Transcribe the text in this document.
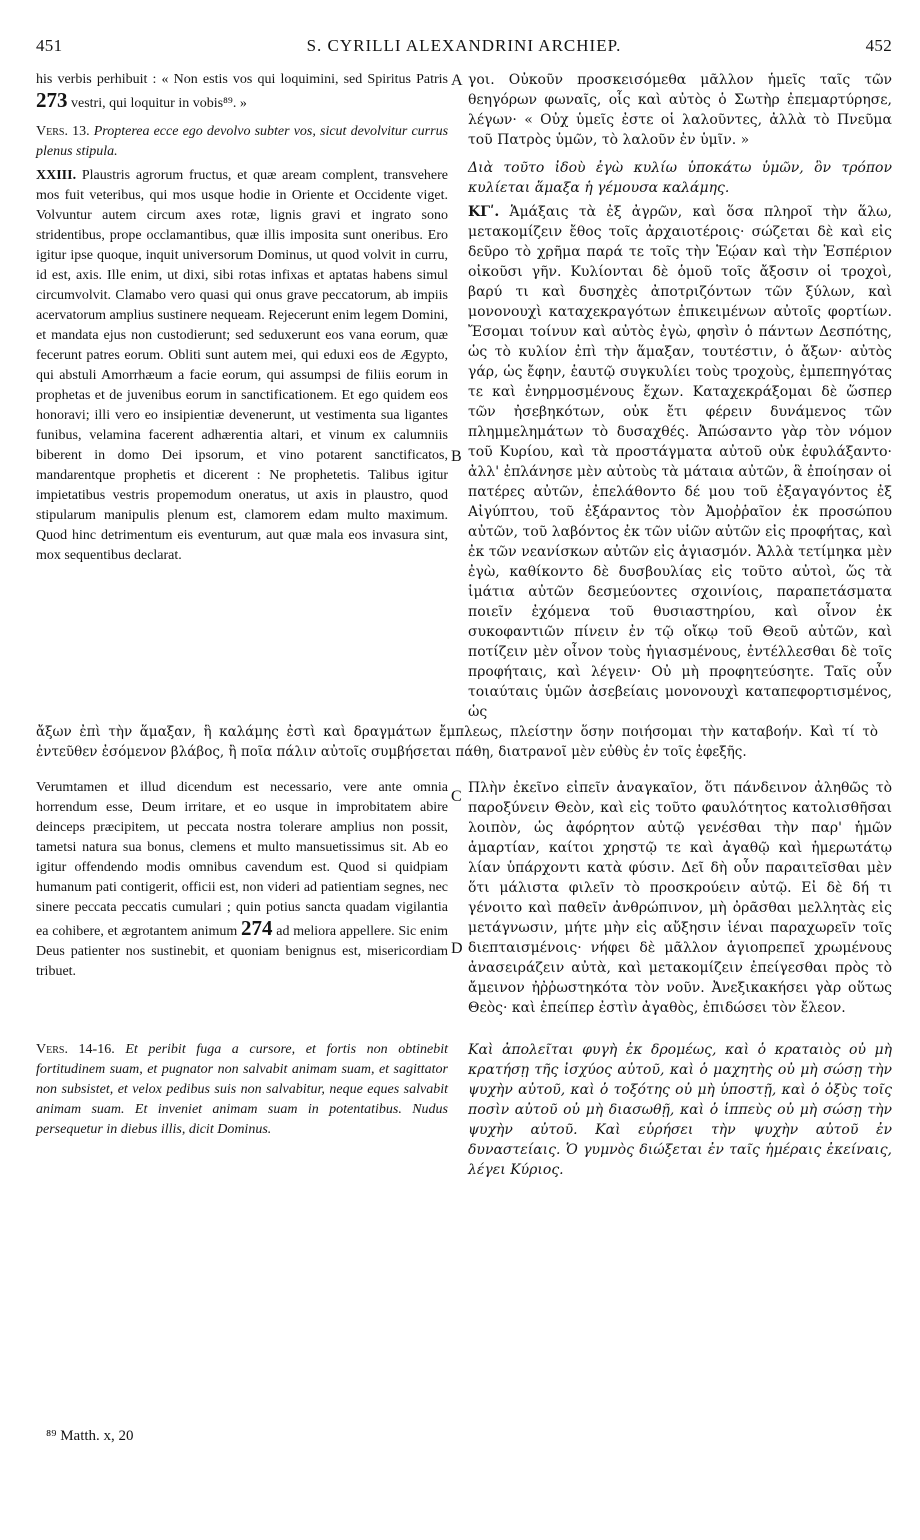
451	S. CYRILLI ALEXANDRINI ARCHIEP.	452

his verbis perhibuit : « Non estis vos qui loquimini, sed Spiritus Patris 273 vestri, qui loquitur in vobis⁸⁹. »

Vers. 13. Propterea ecce ego devolvo subter vos, sicut devolvitur currus plenus stipula.

XXIII. Plaustris agrorum fructus, et quæ aream complent, transvehere mos fuit veteribus, qui mos usque hodie in Oriente et Occidente viget. Volvuntur autem circum axes rotæ, lignis gravi et ingrato sono stridentibus, prope occlamantibus, quæ illis imposita sunt oneribus. Ero igitur ipse quoque, inquit universorum Dominus, ut quod volvit in curru, id est, axis. Ille enim, ut dixi, sibi rotas infixas et aptatas habens simul circumvolvit. Clamabo vero quasi qui onus grave peccatorum, ab impiis acervatorum amplius sustinere nequeam. Rejecerunt enim legem Domini, et mandata ejus non custodierunt; sed seduxerunt eos vana eorum, quæ fecerunt patres eorum. Obliti sunt autem mei, qui eduxi eos de Ægypto, qui abstuli Amorrhæum a facie eorum, qui assumpsi de filiis eorum in prophetas et de juvenibus eorum in sanctificationem. Et ego quidem eos honoravi; illi vero eo insipientiæ devenerunt, ut vestimenta sua ligantes funibus, velamina facerent adhærentia altari, et vinum ex calumniis biberent in domo Dei ipsorum, et vino potarent sanctificatos, mandarentque prophetis et dicerent : Ne prophetetis. Talibus igitur impietatibus vestris propemodum oneratus, ut axis in plaustro, quod stipularum manipulis plenum est, clamorem edam multo maximum. Quod hinc detrimentum eis eventurum, aut quæ mala eos invasura sint, mox sequentibus declarat.

A
B
C

γοι. Οὐκοῦν προσκεισόμεθα μᾶλλον ἡμεῖς ταῖς τῶν θεηγόρων φωναῖς, οἷς καὶ αὐτὸς ὁ Σωτὴρ ἐπεμαρτύρησε, λέγων· « Οὐχ ὑμεῖς ἐστε οἱ λαλοῦντες, ἀλλὰ τὸ Πνεῦμα τοῦ Πατρὸς ὑμῶν, τὸ λαλοῦν ἐν ὑμῖν. »

Διὰ τοῦτο ἰδοὺ ἐγὼ κυλίω ὑποκάτω ὑμῶν, ὃν τρόπον κυλίεται ἅμαξα ἡ γέμουσα καλάμης.

ΚΓʹ. Ἁμάξαις τὰ ἐξ ἀγρῶν, καὶ ὅσα πληροῖ τὴν ἅλω, μετακομίζειν ἔθος τοῖς ἀρχαιοτέροις· σώζεται δὲ καὶ εἰς δεῦρο τὸ χρῆμα παρά τε τοῖς τὴν Ἑῴαν καὶ τὴν Ἑσπέριον οἰκοῦσι γῆν. Κυλίονται δὲ ὁμοῦ τοῖς ἄξοσιν οἱ τροχοὶ, βαρύ τι καὶ δυσηχὲς ἀποτριζόντων τῶν ξύλων, καὶ μονονουχὶ καταχεκραγότων ἐπικειμένων αὐτοῖς φορτίων. Ἔσομαι τοίνυν καὶ αὐτὸς ἐγὼ, φησὶν ὁ πάντων Δεσπότης, ὡς τὸ κυλίον ἐπὶ τὴν ἅμαξαν, τουτέστιν, ὁ ἄξων· αὐτὸς γάρ, ὡς ἔφην, ἑαυτῷ συγκυλίει τοὺς τροχοὺς, ἐμπεπηγότας τε καὶ ἐνηρμοσμένους ἔχων. Καταχεκράξομαι δὲ ὥσπερ τῶν ἠσεβηκότων, οὐκ ἔτι φέρειν δυνάμενος τῶν πλημμελημάτων τὸ δυσαχθές. Ἀπώσαντο γὰρ τὸν νόμον τοῦ Κυρίου, καὶ τὰ προστάγματα αὐτοῦ οὐκ ἐφυλάξαντο· ἀλλ' ἐπλάνησε μὲν αὐτοὺς τὰ μάταια αὐτῶν, ἃ ἐποίησαν οἱ πατέρες αὐτῶν, ἐπελάθοντο δέ μου τοῦ ἐξαγαγόντος ἐξ Αἰγύπτου, τοῦ ἐξάραντος τὸν Ἀμοῤῥαῖον ἐκ προσώπου αὐτῶν, τοῦ λαβόντος ἐκ τῶν υἱῶν αὐτῶν εἰς προφήτας, καὶ ἐκ τῶν νεανίσκων αὐτῶν εἰς ἁγιασμόν. Ἀλλὰ τετίμηκα μὲν ἐγὼ, καθίκοντο δὲ δυσβουλίας εἰς τοῦτο αὐτοὶ, ὥς τὰ ἱμάτια αὐτῶν δεσμεύοντες σχοινίοις, παραπετάσματα ποιεῖν ἐχόμενα τοῦ θυσιαστηρίου, καὶ οἶνον ἐκ συκοφαντιῶν πίνειν ἐν τῷ οἴκῳ τοῦ Θεοῦ αὐτῶν, καὶ ποτίζειν μὲν οἶνον τοὺς ἡγιασμένους, ἐντέλλεσθαι δὲ τοῖς προφήταις, καὶ λέγειν· Οὐ μὴ προφητεύσητε. Ταῖς οὖν τοιαύταις ὑμῶν ἀσεβείαις μονονουχὶ καταπεφορτισμένος, ὡς

ἄξων ἐπὶ τὴν ἅμαξαν, ἣ καλάμης ἐστὶ καὶ δραγμάτων ἔμπλεως, πλείστην ὅσην ποιήσομαι τὴν καταβοήν. Καὶ τί τὸ ἐντεῦθεν ἐσόμενον βλάβος, ἢ ποῖα πάλιν αὐτοῖς συμβήσεται πάθη, διατρανοῖ μὲν εὐθὺς ἐν τοῖς ἐφεξῆς.

Verumtamen et illud dicendum est necessario, vere ante omnia horrendum esse, Deum irritare, et eo usque in improbitatem abire deinceps præcipitem, ut peccata nostra tolerare amplius non possit, tametsi natura sua bonus, clemens et multo mansuetissimus sit. Ab eo igitur offendendo modis omnibus cavendum est. Quod si quidpiam humanum pati contigerit, officii est, non videri ad patientiam segnes, nec sinere peccata peccatis cumulari ; quin potius sancta quadam vigilantia ea cohibere, et ægrotantem animum 274 ad meliora appellere. Sic enim Deus patienter nos sustinebit, et quoniam benignus est, misericordiam tribuet.

D

Πλὴν ἐκεῖνο εἰπεῖν ἀναγκαῖον, ὅτι πάνδεινον ἀληθῶς τὸ παροξύνειν Θεὸν, καὶ εἰς τοῦτο φαυλότητος κατολισθῆσαι λοιπὸν, ὡς ἀφόρητον αὐτῷ γενέσθαι τὴν παρ' ἡμῶν ἁμαρτίαν, καίτοι χρηστῷ τε καὶ ἀγαθῷ καὶ ἡμερωτάτῳ λίαν ὑπάρχοντι κατὰ φύσιν. Δεῖ δὴ οὖν παραιτεῖσθαι μὲν ὅτι μάλιστα φιλεῖν τὸ προσκρούειν αὐτῷ. Εἰ δὲ δή τι γένοιτο καὶ παθεῖν ἀνθρώπινον, μὴ ὀρᾶσθαι μελλητὰς εἰς μετάγνωσιν, μήτε μὴν εἰς αὔξησιν ἰέναι παραχωρεῖν τοῖς διεπταισμένοις· νήφει δὲ μᾶλλον ἁγιοπρεπεῖ χρωμένους ἀνασειράζειν αὐτὰ, καὶ μετακομίζειν ἐπείγεσθαι πρὸς τὸ ἄμεινον ἠῤῥωστηκότα τὸν νοῦν. Ἀνεξικακήσει γὰρ οὕτως Θεὸς· καὶ ἐπείπερ ἐστὶν ἀγαθὸς, ἐπιδώσει τὸν ἔλεον.

Vers. 14-16. Et peribit fuga a cursore, et fortis non obtinebit fortitudinem suam, et pugnator non salvabit animam suam, et sagittator non subsistet, et velox pedibus suis non salvabitur, neque eques salvabit animam suam. Et inveniet animam suam in potentatibus. Nudus persequetur in diebus illis, dicit Dominus.

Καὶ ἀπολεῖται φυγὴ ἐκ δρομέως, καὶ ὁ κραταιὸς οὐ μὴ κρατήσῃ τῆς ἰσχύος αὐτοῦ, καὶ ὁ μαχητὴς οὐ μὴ σώσῃ τὴν ψυχὴν αὐτοῦ, καὶ ὁ τοξότης οὐ μὴ ὑποστῇ, καὶ ὁ ὀξὺς τοῖς ποσὶν αὐτοῦ οὐ μὴ διασωθῇ, καὶ ὁ ἱππεὺς οὐ μὴ σώσῃ τὴν ψυχὴν αὐτοῦ. Καὶ εὑρήσει τὴν ψυχὴν αὐτοῦ ἐν δυναστείαις. Ὁ γυμνὸς διώξεται ἐν ταῖς ἡμέραις ἐκείναις, λέγει Κύριος.

⁸⁹ Matth. x, 20
